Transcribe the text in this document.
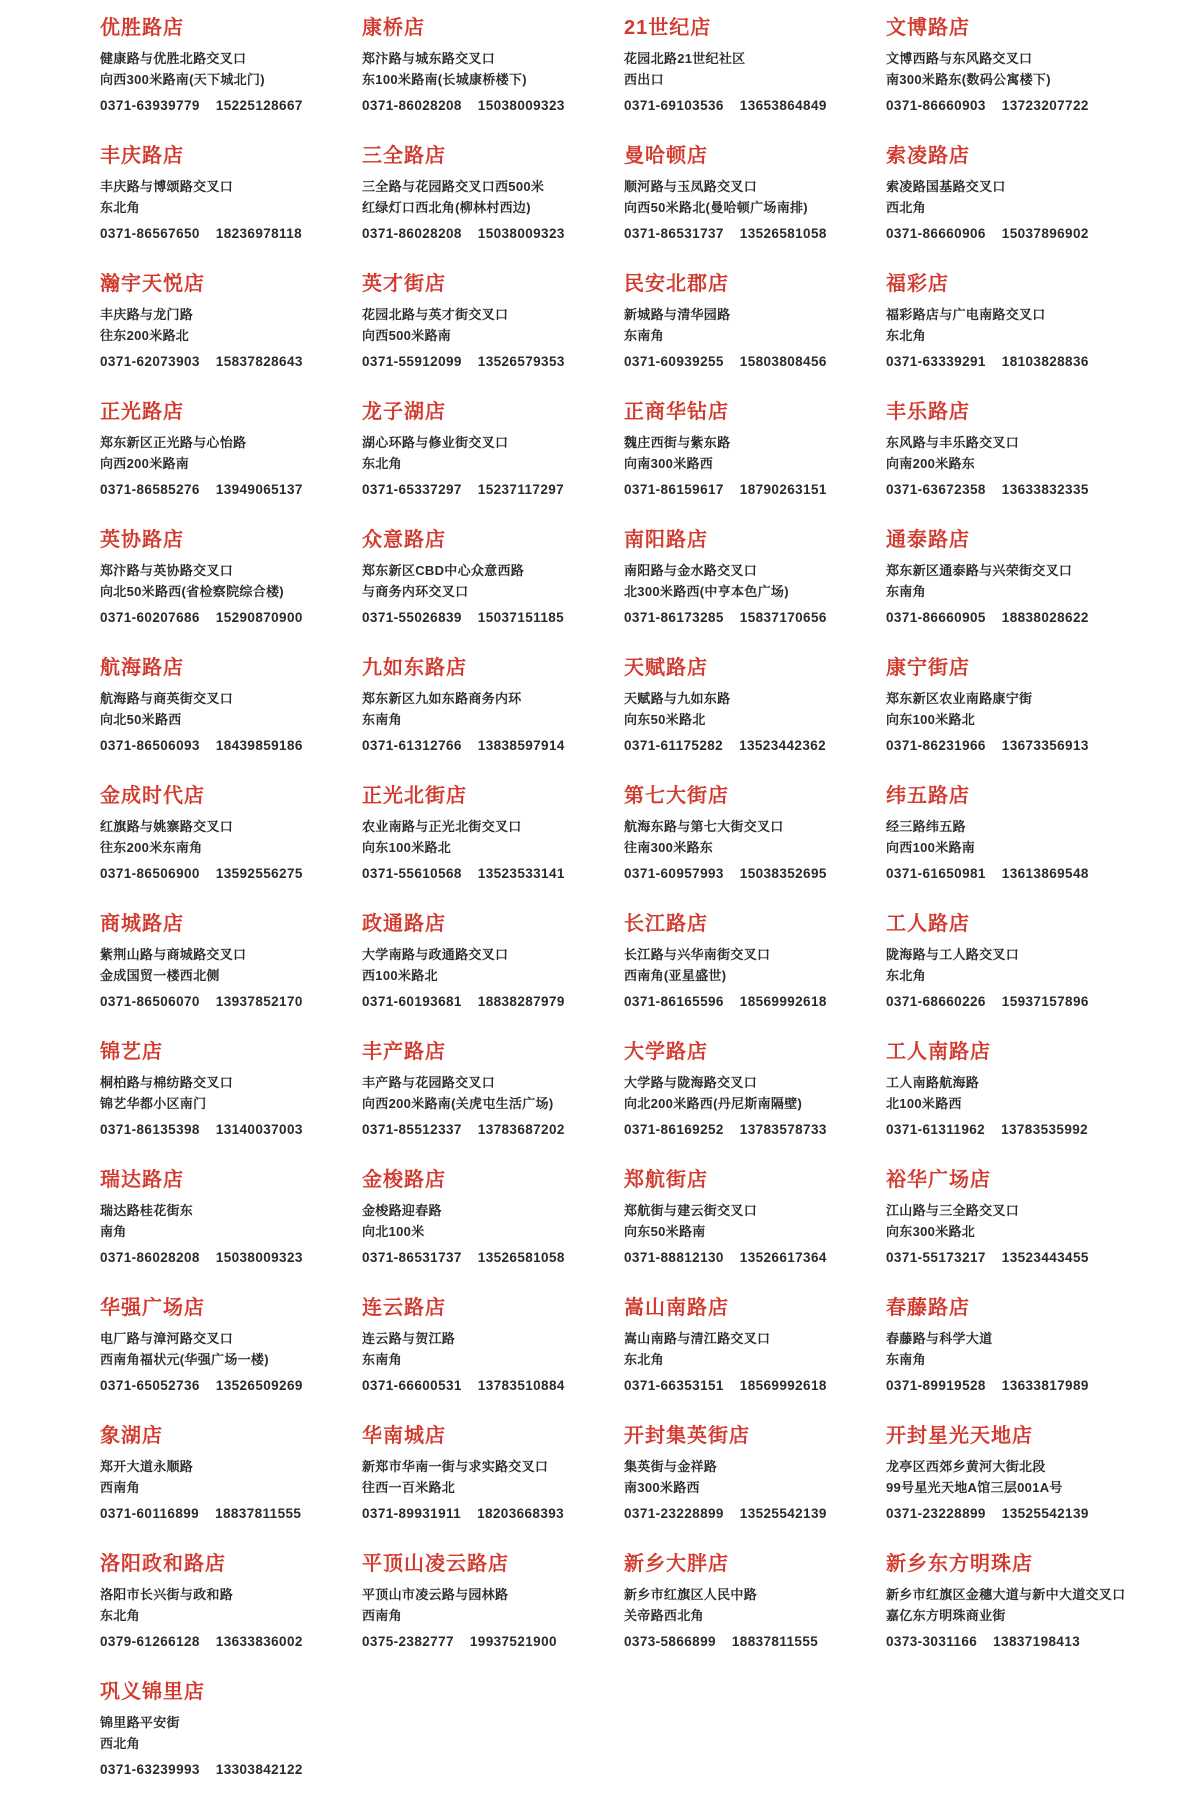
优胜路店
健康路与优胜北路交叉口
向西300米路南(天下城北门)
0371-63939779 15225128667
康桥店
郑汴路与城东路交叉口
东100米路南(长城康桥楼下)
0371-86028208 15038009323
21世纪店
花园北路21世纪社区
西出口
0371-69103536 13653864849
文博路店
文博西路与东风路交叉口
南300米路东(数码公寓楼下)
0371-86660903 13723207722
丰庆路店
丰庆路与博颂路交叉口
东北角
0371-86567650 18236978118
三全路店
三全路与花园路交叉口西500米
红绿灯口西北角(柳林村西边)
0371-86028208 15038009323
曼哈顿店
顺河路与玉凤路交叉口
向西50米路北(曼哈顿广场南排)
0371-86531737 13526581058
索凌路店
索凌路国基路交叉口
西北角
0371-86660906 15037896902
瀚宇天悦店
丰庆路与龙门路
往东200米路北
0371-62073903 15837828643
英才街店
花园北路与英才街交叉口
向西500米路南
0371-55912099 13526579353
民安北郡店
新城路与清华园路
东南角
0371-60939255 15803808456
福彩店
福彩路店与广电南路交叉口
东北角
0371-63339291 18103828836
正光路店
郑东新区正光路与心怡路
向西200米路南
0371-86585276 13949065137
龙子湖店
湖心环路与修业街交叉口
东北角
0371-65337297 15237117297
正商华钻店
魏庄西街与紫东路
向南300米路西
0371-86159617 18790263151
丰乐路店
东风路与丰乐路交叉口
向南200米路东
0371-63672358 13633832335
英协路店
郑汴路与英协路交叉口
向北50米路西(省检察院综合楼)
0371-60207686 15290870900
众意路店
郑东新区CBD中心众意西路
与商务内环交叉口
0371-55026839 15037151185
南阳路店
南阳路与金水路交叉口
北300米路西(中亨本色广场)
0371-86173285 15837170656
通泰路店
郑东新区通泰路与兴荣街交叉口
东南角
0371-86660905 18838028622
航海路店
航海路与商英街交叉口
向北50米路西
0371-86506093 18439859186
九如东路店
郑东新区九如东路商务内环
东南角
0371-61312766 13838597914
天赋路店
天赋路与九如东路
向东50米路北
0371-61175282 13523442362
康宁街店
郑东新区农业南路康宁街
向东100米路北
0371-86231966 13673356913
金成时代店
红旗路与姚寨路交叉口
往东200米东南角
0371-86506900 13592556275
正光北街店
农业南路与正光北街交叉口
向东100米路北
0371-55610568 13523533141
第七大街店
航海东路与第七大街交叉口
往南300米路东
0371-60957993 15038352695
纬五路店
经三路纬五路
向西100米路南
0371-61650981 13613869548
商城路店
紫荆山路与商城路交叉口
金成国贸一楼西北侧
0371-86506070 13937852170
政通路店
大学南路与政通路交叉口
西100米路北
0371-60193681 18838287979
长江路店
长江路与兴华南街交叉口
西南角(亚星盛世)
0371-86165596 18569992618
工人路店
陇海路与工人路交叉口
东北角
0371-68660226 15937157896
锦艺店
桐柏路与棉纺路交叉口
锦艺华都小区南门
0371-86135398 13140037003
丰产路店
丰产路与花园路交叉口
向西200米路南(关虎屯生活广场)
0371-85512337 13783687202
大学路店
大学路与陇海路交叉口
向北200米路西(丹尼斯南隔壁)
0371-86169252 13783578733
工人南路店
工人南路航海路
北100米路西
0371-61311962 13783535992
瑞达路店
瑞达路桂花街东
南角
0371-86028208 15038009323
金梭路店
金梭路迎春路
向北100米
0371-86531737 13526581058
郑航街店
郑航街与建云街交叉口
向东50米路南
0371-88812130 13526617364
裕华广场店
江山路与三全路交叉口
向东300米路北
0371-55173217 13523443455
华强广场店
电厂路与漳河路交叉口
西南角福状元(华强广场一楼)
0371-65052736 13526509269
连云路店
连云路与贺江路
东南角
0371-66600531 13783510884
嵩山南路店
嵩山南路与清江路交叉口
东北角
0371-66353151 18569992618
春藤路店
春藤路与科学大道
东南角
0371-89919528 13633817989
象湖店
郑开大道永顺路
西南角
0371-60116899 18837811555
华南城店
新郑市华南一街与求实路交叉口
往西一百米路北
0371-89931911 18203668393
开封集英街店
集英街与金祥路
南300米路西
0371-23228899 13525542139
开封星光天地店
龙亭区西郊乡黄河大街北段
99号星光天地A馆三层001A号
0371-23228899 13525542139
洛阳政和路店
洛阳市长兴街与政和路
东北角
0379-61266128 13633836002
平顶山凌云路店
平顶山市凌云路与园林路
西南角
0375-2382777 19937521900
新乡大胖店
新乡市红旗区人民中路
关帝路西北角
0373-5866899 18837811555
新乡东方明珠店
新乡市红旗区金穗大道与新中大道交叉口
嘉亿东方明珠商业街
0373-3031166 13837198413
巩义锦里店
锦里路平安街
西北角
0371-63239993 13303842122
